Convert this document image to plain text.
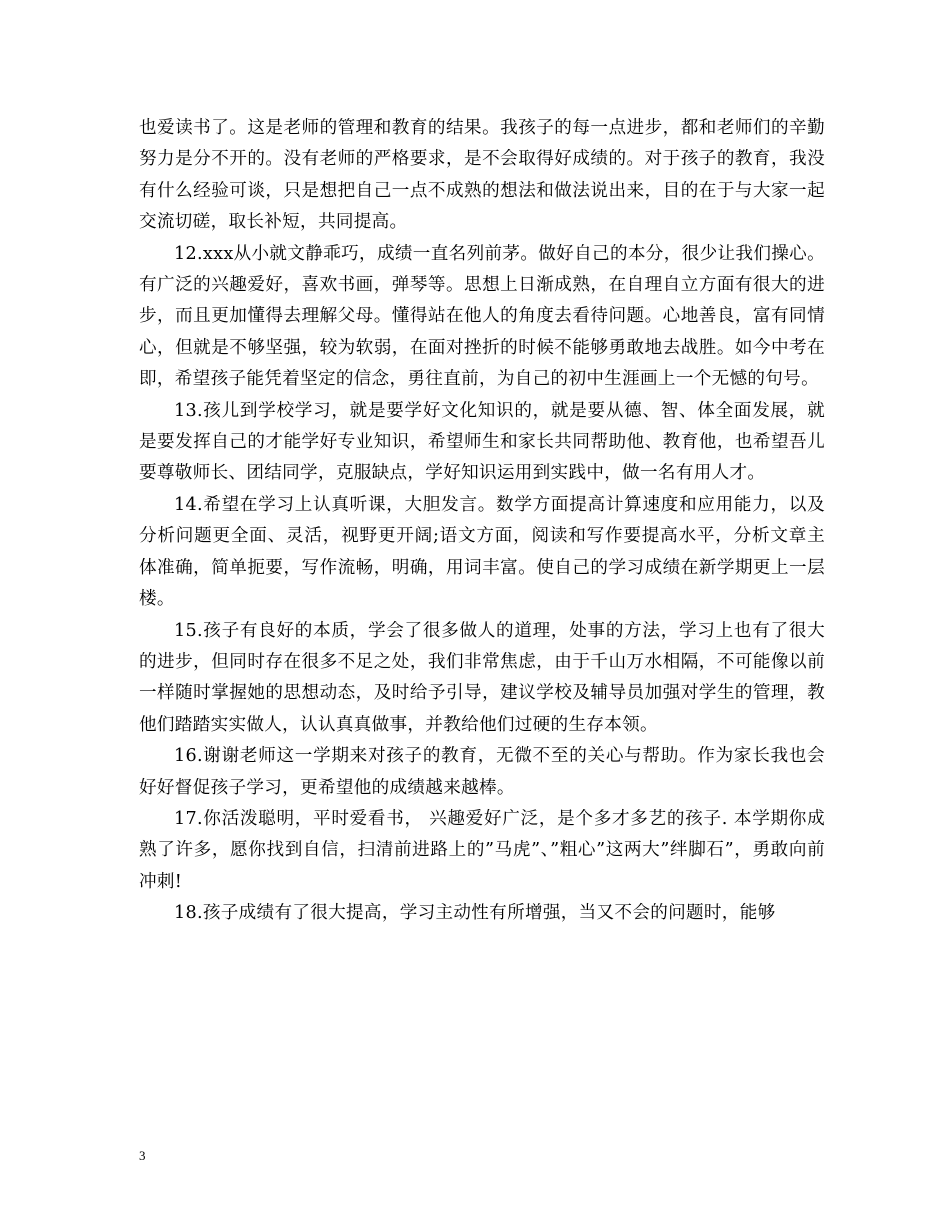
也爱读书了。这是老师的管理和教育的结果。我孩子的每一点进步，都和老师们的辛勤努力是分不开的。没有老师的严格要求，是不会取得好成绩的。对于孩子的教育，我没有什么经验可谈，只是想把自己一点不成熟的想法和做法说出来，目的在于与大家一起交流切磋，取长补短，共同提高。

12.xxx从小就文静乖巧，成绩一直名列前茅。做好自己的本分，很少让我们操心。有广泛的兴趣爱好，喜欢书画，弹琴等。思想上日渐成熟，在自理自立方面有很大的进步，而且更加懂得去理解父母。懂得站在他人的角度去看待问题。心地善良，富有同情心，但就是不够坚强，较为软弱，在面对挫折的时候不能够勇敢地去战胜。如今中考在即，希望孩子能凭着坚定的信念，勇往直前，为自己的初中生涯画上一个无憾的句号。

13.孩儿到学校学习，就是要学好文化知识的，就是要从德、智、体全面发展，就是要发挥自己的才能学好专业知识，希望师生和家长共同帮助他、教育他，也希望吾儿要尊敬师长、团结同学，克服缺点，学好知识运用到实践中，做一名有用人才。

14.希望在学习上认真听课，大胆发言。数学方面提高计算速度和应用能力，以及分析问题更全面、灵活，视野更开阔;语文方面，阅读和写作要提高水平，分析文章主体准确，简单扼要，写作流畅，明确，用词丰富。使自己的学习成绩在新学期更上一层楼。

15.孩子有良好的本质，学会了很多做人的道理，处事的方法，学习上也有了很大的进步，但同时存在很多不足之处，我们非常焦虑，由于千山万水相隔，不可能像以前一样随时掌握她的思想动态，及时给予引导，建议学校及辅导员加强对学生的管理，教他们踏踏实实做人，认认真真做事，并教给他们过硬的生存本领。

16.谢谢老师这一学期来对孩子的教育，无微不至的关心与帮助。作为家长我也会好好督促孩子学习，更希望他的成绩越来越棒。

17.你活泼聪明，平时爱看书， 兴趣爱好广泛，是个多才多艺的孩子. 本学期你成熟了许多，愿你找到自信，扫清前进路上的”马虎”、”粗心”这两大”绊脚石”，勇敢向前冲刺!

18.孩子成绩有了很大提高，学习主动性有所增强，当又不会的问题时，能够

3
